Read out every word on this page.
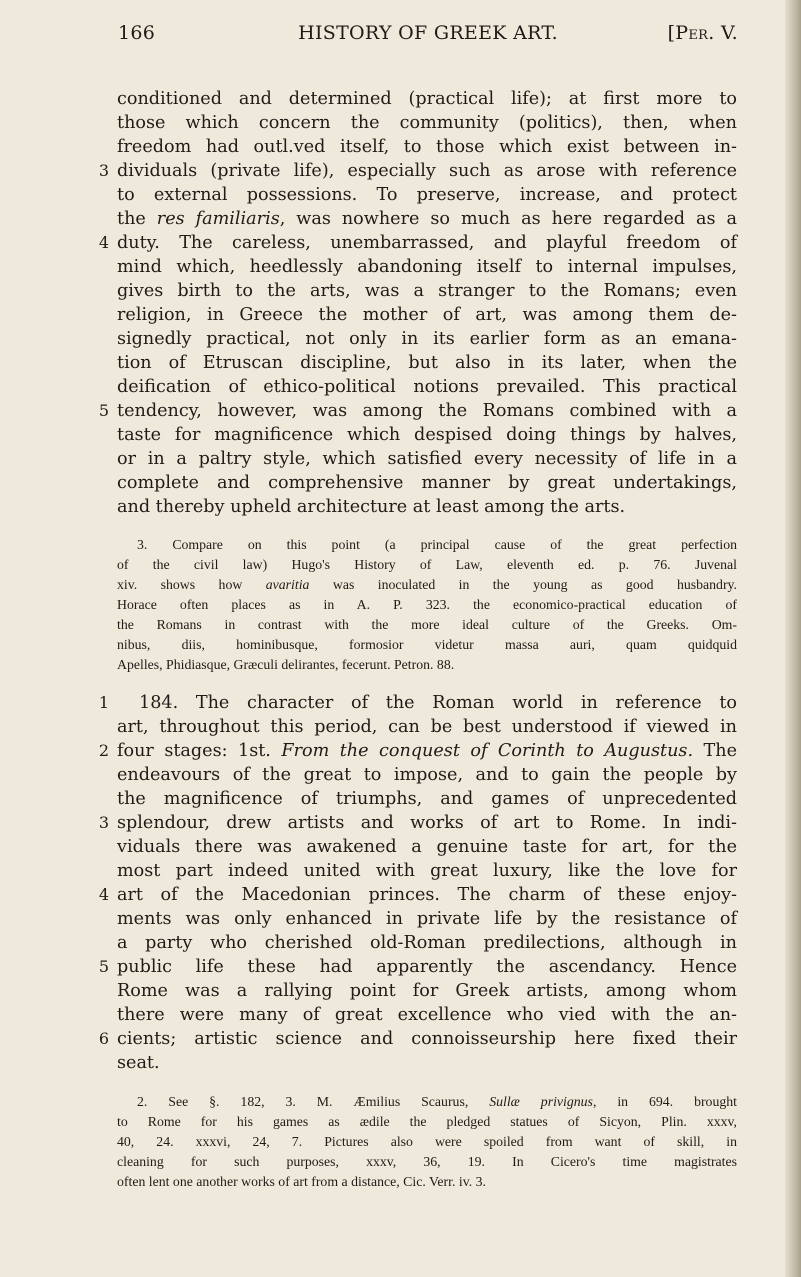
166	HISTORY OF GREEK ART.	[Per. V.
conditioned and determined (practical life); at first more to
those which concern the community (politics), then, when
freedom had outl.ved itself, to those which exist between in-
dividuals (private life), especially such as arose with reference
to external possessions. To preserve, increase, and protect
the res familiaris, was nowhere so much as here regarded as a
duty. The careless, unembarrassed, and playful freedom of
mind which, heedlessly abandoning itself to internal impulses,
gives birth to the arts, was a stranger to the Romans; even
religion, in Greece the mother of art, was among them de-
signedly practical, not only in its earlier form as an emana-
tion of Etruscan discipline, but also in its later, when the
deification of ethico-political notions prevailed. This practical
tendency, however, was among the Romans combined with a
taste for magnificence which despised doing things by halves,
or in a paltry style, which satisfied every necessity of life in a
complete and comprehensive manner by great undertakings,
and thereby upheld architecture at least among the arts.
3
4
5
3. Compare on this point (a principal cause of the great perfection
of the civil law) Hugo's History of Law, eleventh ed. p. 76. Juvenal
xiv. shows how avaritia was inoculated in the young as good husbandry.
Horace often places as in A. P. 323. the economico-practical education of
the Romans in contrast with the more ideal culture of the Greeks. Om-
nibus, diis, hominibusque, formosior videtur massa auri, quam quidquid
Apelles, Phidiasque, Græculi delirantes, fecerunt. Petron. 88.
184. The character of the Roman world in reference to
art, throughout this period, can be best understood if viewed in
four stages: 1st. From the conquest of Corinth to Augustus. The
endeavours of the great to impose, and to gain the people by
the magnificence of triumphs, and games of unprecedented
splendour, drew artists and works of art to Rome. In indi-
viduals there was awakened a genuine taste for art, for the
most part indeed united with great luxury, like the love for
art of the Macedonian princes. The charm of these enjoy-
ments was only enhanced in private life by the resistance of
a party who cherished old-Roman predilections, although in
public life these had apparently the ascendancy. Hence
Rome was a rallying point for Greek artists, among whom
there were many of great excellence who vied with the an-
cients; artistic science and connoisseurship here fixed their
seat.
1
2
3
4
5
6
2. See §. 182, 3. M. Æmilius Scaurus, Sullæ privignus, in 694. brought
to Rome for his games as ædile the pledged statues of Sicyon, Plin. xxxv,
40, 24. xxxvi, 24, 7. Pictures also were spoiled from want of skill, in
cleaning for such purposes, xxxv, 36, 19. In Cicero's time magistrates
often lent one another works of art from a distance, Cic. Verr. iv. 3.
